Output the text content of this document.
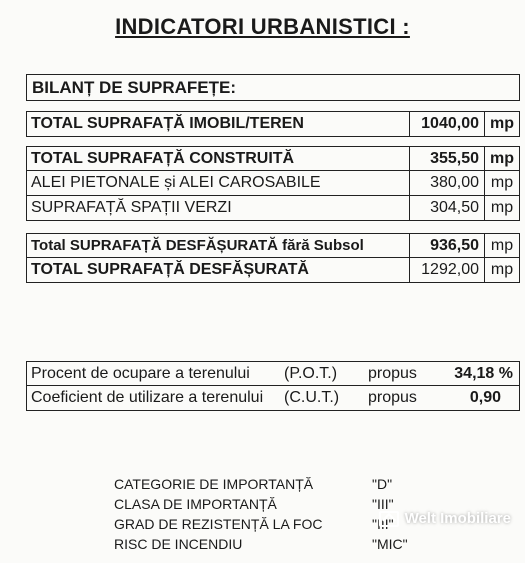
INDICATORI URBANISTICI :
BILANȚ DE SUPRAFEȚE:
TOTAL SUPRAFAȚĂ IMOBIL/TEREN	1040,00 mp
TOTAL SUPRAFAȚĂ CONSTRUITĂ	355,50 mp
ALEI PIETONALE și ALEI CAROSABILE	380,00 mp
SUPRAFAȚĂ SPAȚII VERZI	304,50 mp
Total SUPRAFAȚĂ DESFĂȘURATĂ fără Subsol	936,50 mp
TOTAL SUPRAFAȚĂ DESFĂȘURATĂ	1292,00 mp
Procent de ocupare a terenului	(P.O.T.)	propus	34,18 %
Coeficient de utilizare a terenului	(C.U.T.)	propus	0,90
CATEGORIE DE IMPORTANȚĂ	"D"
CLASA DE IMPORTANȚĂ	"III"
GRAD DE REZISTENȚĂ LA FOC	"III"
RISC DE INCENDIU	"MIC"
Welt Imobiliare
